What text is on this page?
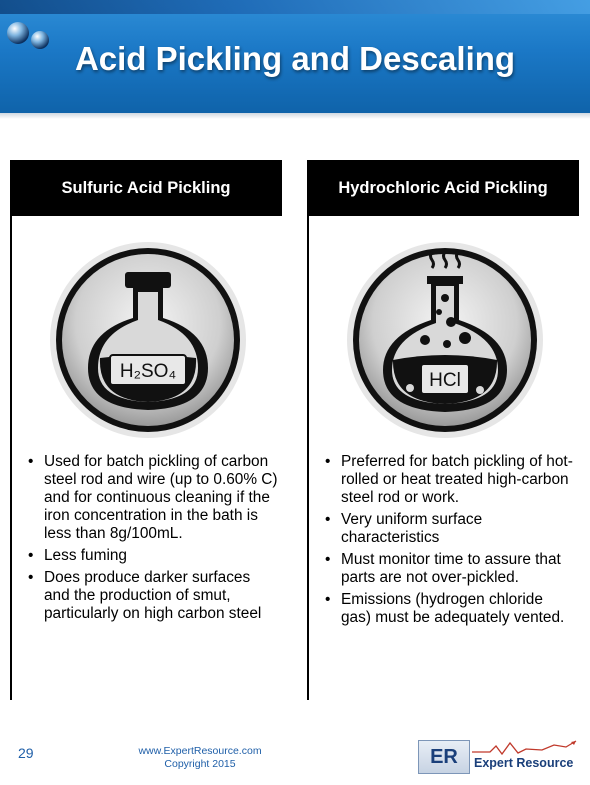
Acid Pickling and Descaling
Sulfuric Acid Pickling
H₂SO₄
• Used for batch pickling of carbon steel rod and wire (up to 0.60% C) and for continuous cleaning if the iron concentration in the bath is less than 8g/100mL.
• Less fuming
• Does produce darker surfaces and the production of smut, particularly on high carbon steel
Hydrochloric Acid Pickling
HCl
• Preferred for batch pickling of hot-rolled or heat treated high-carbon steel rod or work.
• Very uniform surface characteristics
• Must monitor time to assure that parts are not over-pickled.
• Emissions (hydrogen chloride gas) must be adequately vented.
29	www.ExpertResource.com
Copyright 2015	ER	Expert Resource
